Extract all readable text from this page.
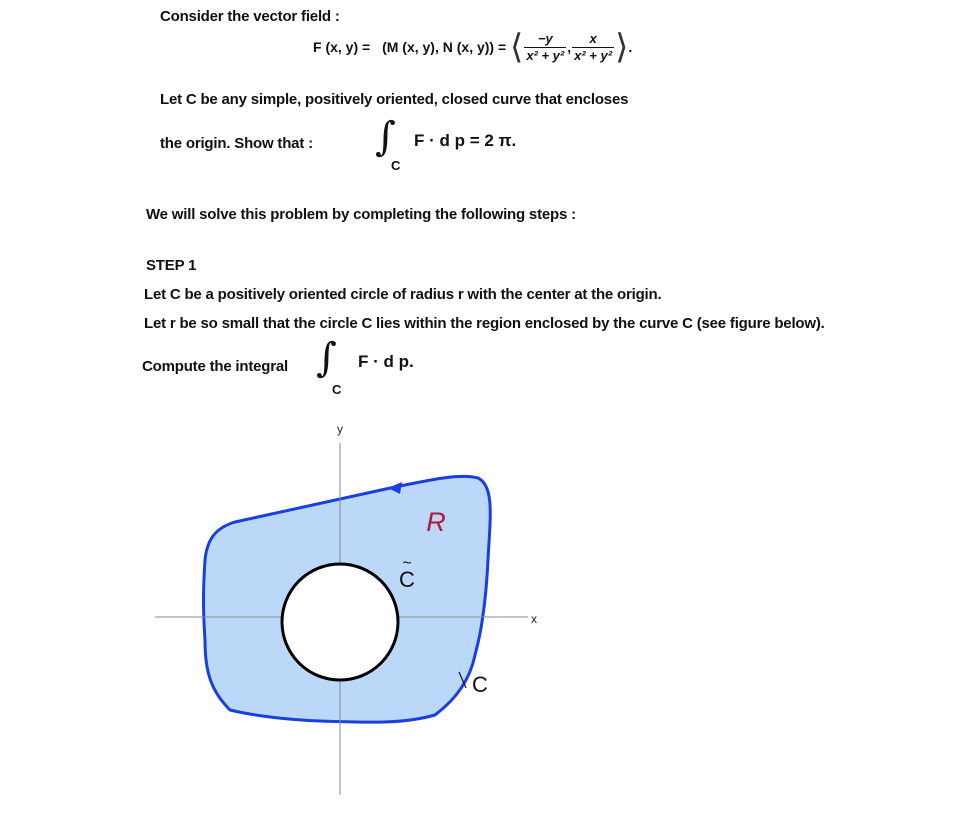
Consider the vector field :
F (x, y) = (M (x, y), N (x, y)) = ⟨ $\frac{-y}{\text{x² + y²}}$ , $\frac{x}{\text{x² + y²}}$ ⟩.
Let C be any simple, positively oriented, closed curve that encloses
the origin. Show that : ∫
C
F · d p = 2 π.
We will solve this problem by completing the following steps :
STEP 1
Let C be a positively oriented circle of radius r with the center at the origin.
Let r be so small that the circle C lies within the region enclosed by the curve C (see figure below).
Compute the integral ∫
C
F · d p.
y
x
R
C
~
C
